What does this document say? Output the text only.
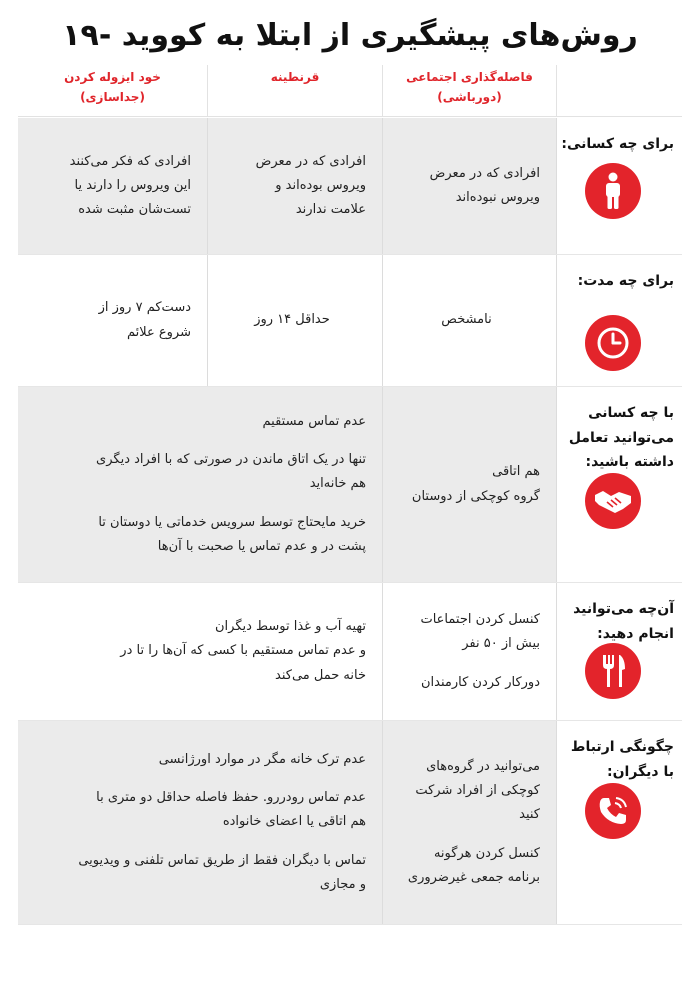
روش‌های پیشگیری از ابتلا به کووید -۱۹
فاصله‌گذاری اجتماعی
(دورباشی)
قرنطینه
خود ایزوله کردن
(جداسازی)
برای چه کسانی:
افرادی که در معرض
ویروس نبوده‌اند
افرادی که در معرض
ویروس بوده‌اند و
علامت ندارند
افرادی که فکر می‌کنند
این ویروس را دارند یا
تست‌شان مثبت شده
برای چه مدت:
نامشخص
حداقل ۱۴ روز
دست‌کم ۷ روز از
شروع علائم
با چه کسانی
می‌توانید تعامل
داشته باشید:
هم اتاقی
گروه کوچکی از دوستان
عدم تماس مستقیم
تنها در یک اتاق ماندن در صورتی که با افراد دیگری
هم خانه‌اید
خرید مایحتاج توسط سرویس خدماتی یا دوستان تا
پشت در و عدم تماس یا صحبت با آن‌ها
آن‌چه می‌توانید
انجام دهید:
کنسل کردن اجتماعات
بیش از ۵۰ نفر
دورکار کردن کارمندان
تهیه آب و غذا توسط دیگران
و عدم تماس مستقیم با کسی که آن‌ها را تا در
خانه حمل می‌کند
چگونگی ارتباط
با دیگران:
می‌توانید در گروه‌های
کوچکی از افراد شرکت
کنید
کنسل کردن هرگونه
برنامه جمعی غیرضروری
عدم ترک خانه مگر در موارد اورژانسی
عدم تماس رودررو. حفظ فاصله حداقل دو متری با
هم اتاقی یا اعضای خانواده
تماس با دیگران فقط از طریق تماس تلفنی و ویدیویی
و مجازی
